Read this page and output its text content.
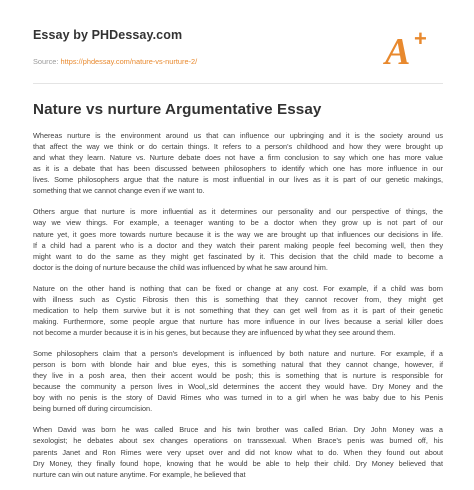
Essay by PHDessay.com
Source: https://phdessay.com/nature-vs-nurture-2/	A +
Nature vs nurture Argumentative Essay
Whereas nurture is the environment around us that can influence our upbringing and it is the society around us
that affect the way we think or do certain things. It refers to a person's childhood and how they were brought up
and what they learn. Nature vs. Nurture debate does not have a firm conclusion to say which one has more value
as it is a debate that has been discussed between philosophers to identify which one has more influence in our
lives. Some philosophers argue that the nature is most influential in our lives as it is part of our genetic makings,
something that we cannot change even if we want to.
Others argue that nurture is more influential as it determines our personality and our perspective of things, the
way we view things. For example, a teenager wanting to be a doctor when they grow up is not part of our
nature yet, it goes more towards nurture because it is the way we are brought up that influences our decisions in life.
If a child had a parent who is a doctor and they watch their parent making people feel becoming well, then they
might want to do the same as they might get fascinated by it. This decision that the child made to become a
doctor is the doing of nurture because the child was influenced by what he saw around him.
Nature on the other hand is nothing that can be fixed or change at any cost. For example, if a child was born
with illness such as Cystic Fibrosis then this is something that they cannot recover from, they might get
medication to help them survive but it is not something that they can get well from as it is part of their genetic
making. Furthermore, some people argue that nurture has more influence in our lives because a serial killer does
not become a murder because it is in his genes, but because they are influenced by what they see around them.
Some philosophers claim that a person's development is influenced by both nature and nurture. For example, if a
person is born with blonde hair and blue eyes, this is something natural that they cannot change, however, if
they live in a posh area, then their accent would be posh; this is something that is nurture is responsible for
because the community a person lives in Wool,,sld determines the accent they would have. Dry Money and the
boy with no penis is the story of David Rimes who was turned in to a girl when he was baby due to his Penis
being burned off during circumcision.
When David was born he was called Bruce and his twin brother was called Brian. Dry John Money was a
sexologist; he debates about sex changes operations on transsexual. When Brace's penis was burned off, his
parents Janet and Ron Rimes were very upset over and did not know what to do. When they found out about
Dry Money, they finally found hope, knowing that he would be able to help their child. Dry Money believed that
nurture can win out nature anytime. For example, he believed that
